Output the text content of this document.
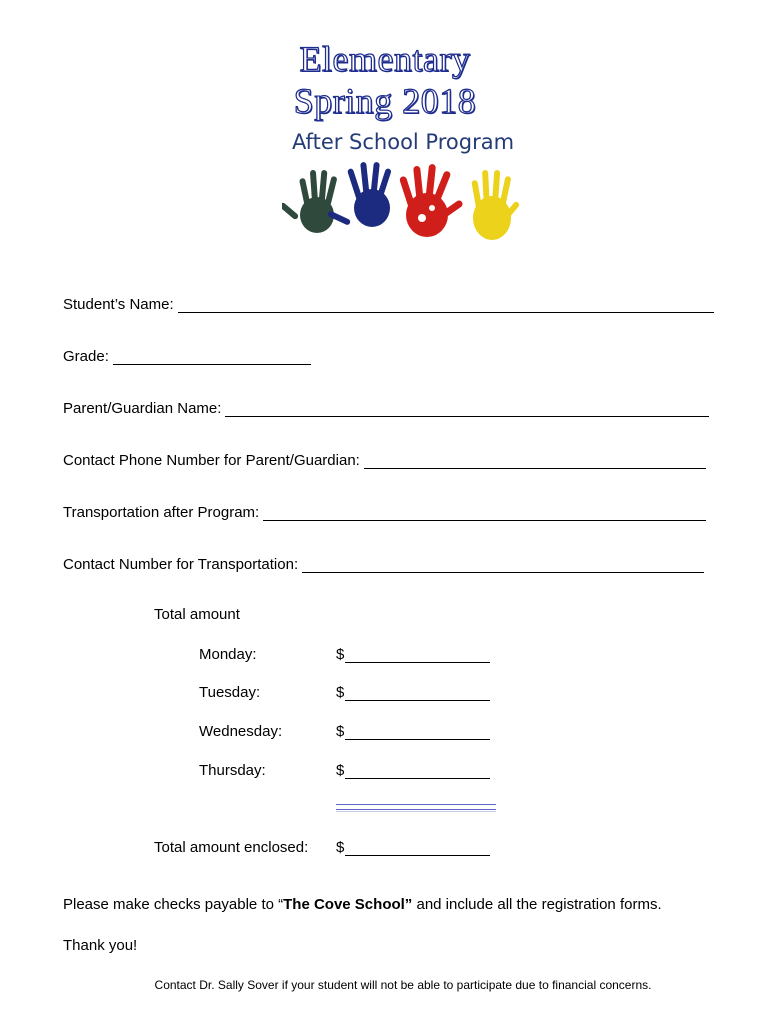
Elementary
Spring 2018
After School Program
Student’s Name:
Grade:
Parent/Guardian Name:
Contact Phone Number for Parent/Guardian:
Transportation after Program:
Contact Number for Transportation:
Total amount
Monday:	$
Tuesday:	$
Wednesday:	$
Thursday:	$
Total amount enclosed: $
Please make checks payable to “The Cove School” and include all the registration forms.
Thank you!
Contact Dr. Sally Sover if your student will not be able to participate due to financial concerns.
